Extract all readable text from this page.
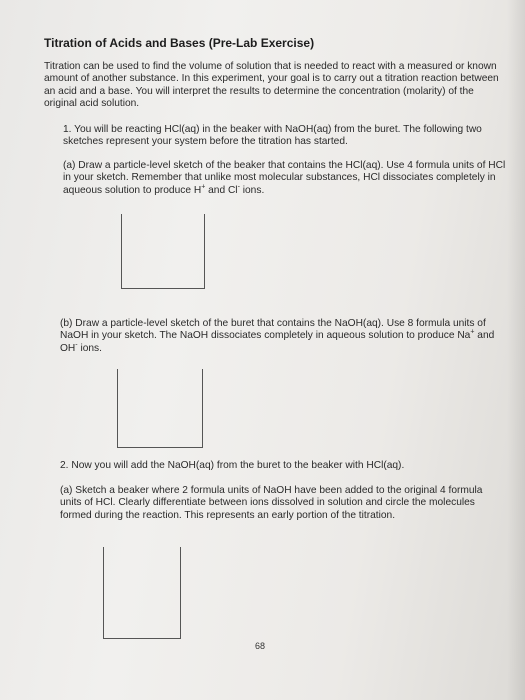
Titration of Acids and Bases (Pre-Lab Exercise)
Titration can be used to find the volume of solution that is needed to react with a measured or known amount of another substance. In this experiment, your goal is to carry out a titration reaction between an acid and a base. You will interpret the results to determine the concentration (molarity) of the original acid solution.
1. You will be reacting HCl(aq) in the beaker with NaOH(aq) from the buret. The following two sketches represent your system before the titration has started.
(a) Draw a particle-level sketch of the beaker that contains the HCl(aq). Use 4 formula units of HCl in your sketch. Remember that unlike most molecular substances, HCl dissociates completely in aqueous solution to produce H+ and Cl- ions.
(b) Draw a particle-level sketch of the buret that contains the NaOH(aq). Use 8 formula units of NaOH in your sketch. The NaOH dissociates completely in aqueous solution to produce Na+ and OH- ions.
2. Now you will add the NaOH(aq) from the buret to the beaker with HCl(aq).
(a) Sketch a beaker where 2 formula units of NaOH have been added to the original 4 formula units of HCl. Clearly differentiate between ions dissolved in solution and circle the molecules formed during the reaction. This represents an early portion of the titration.
68
